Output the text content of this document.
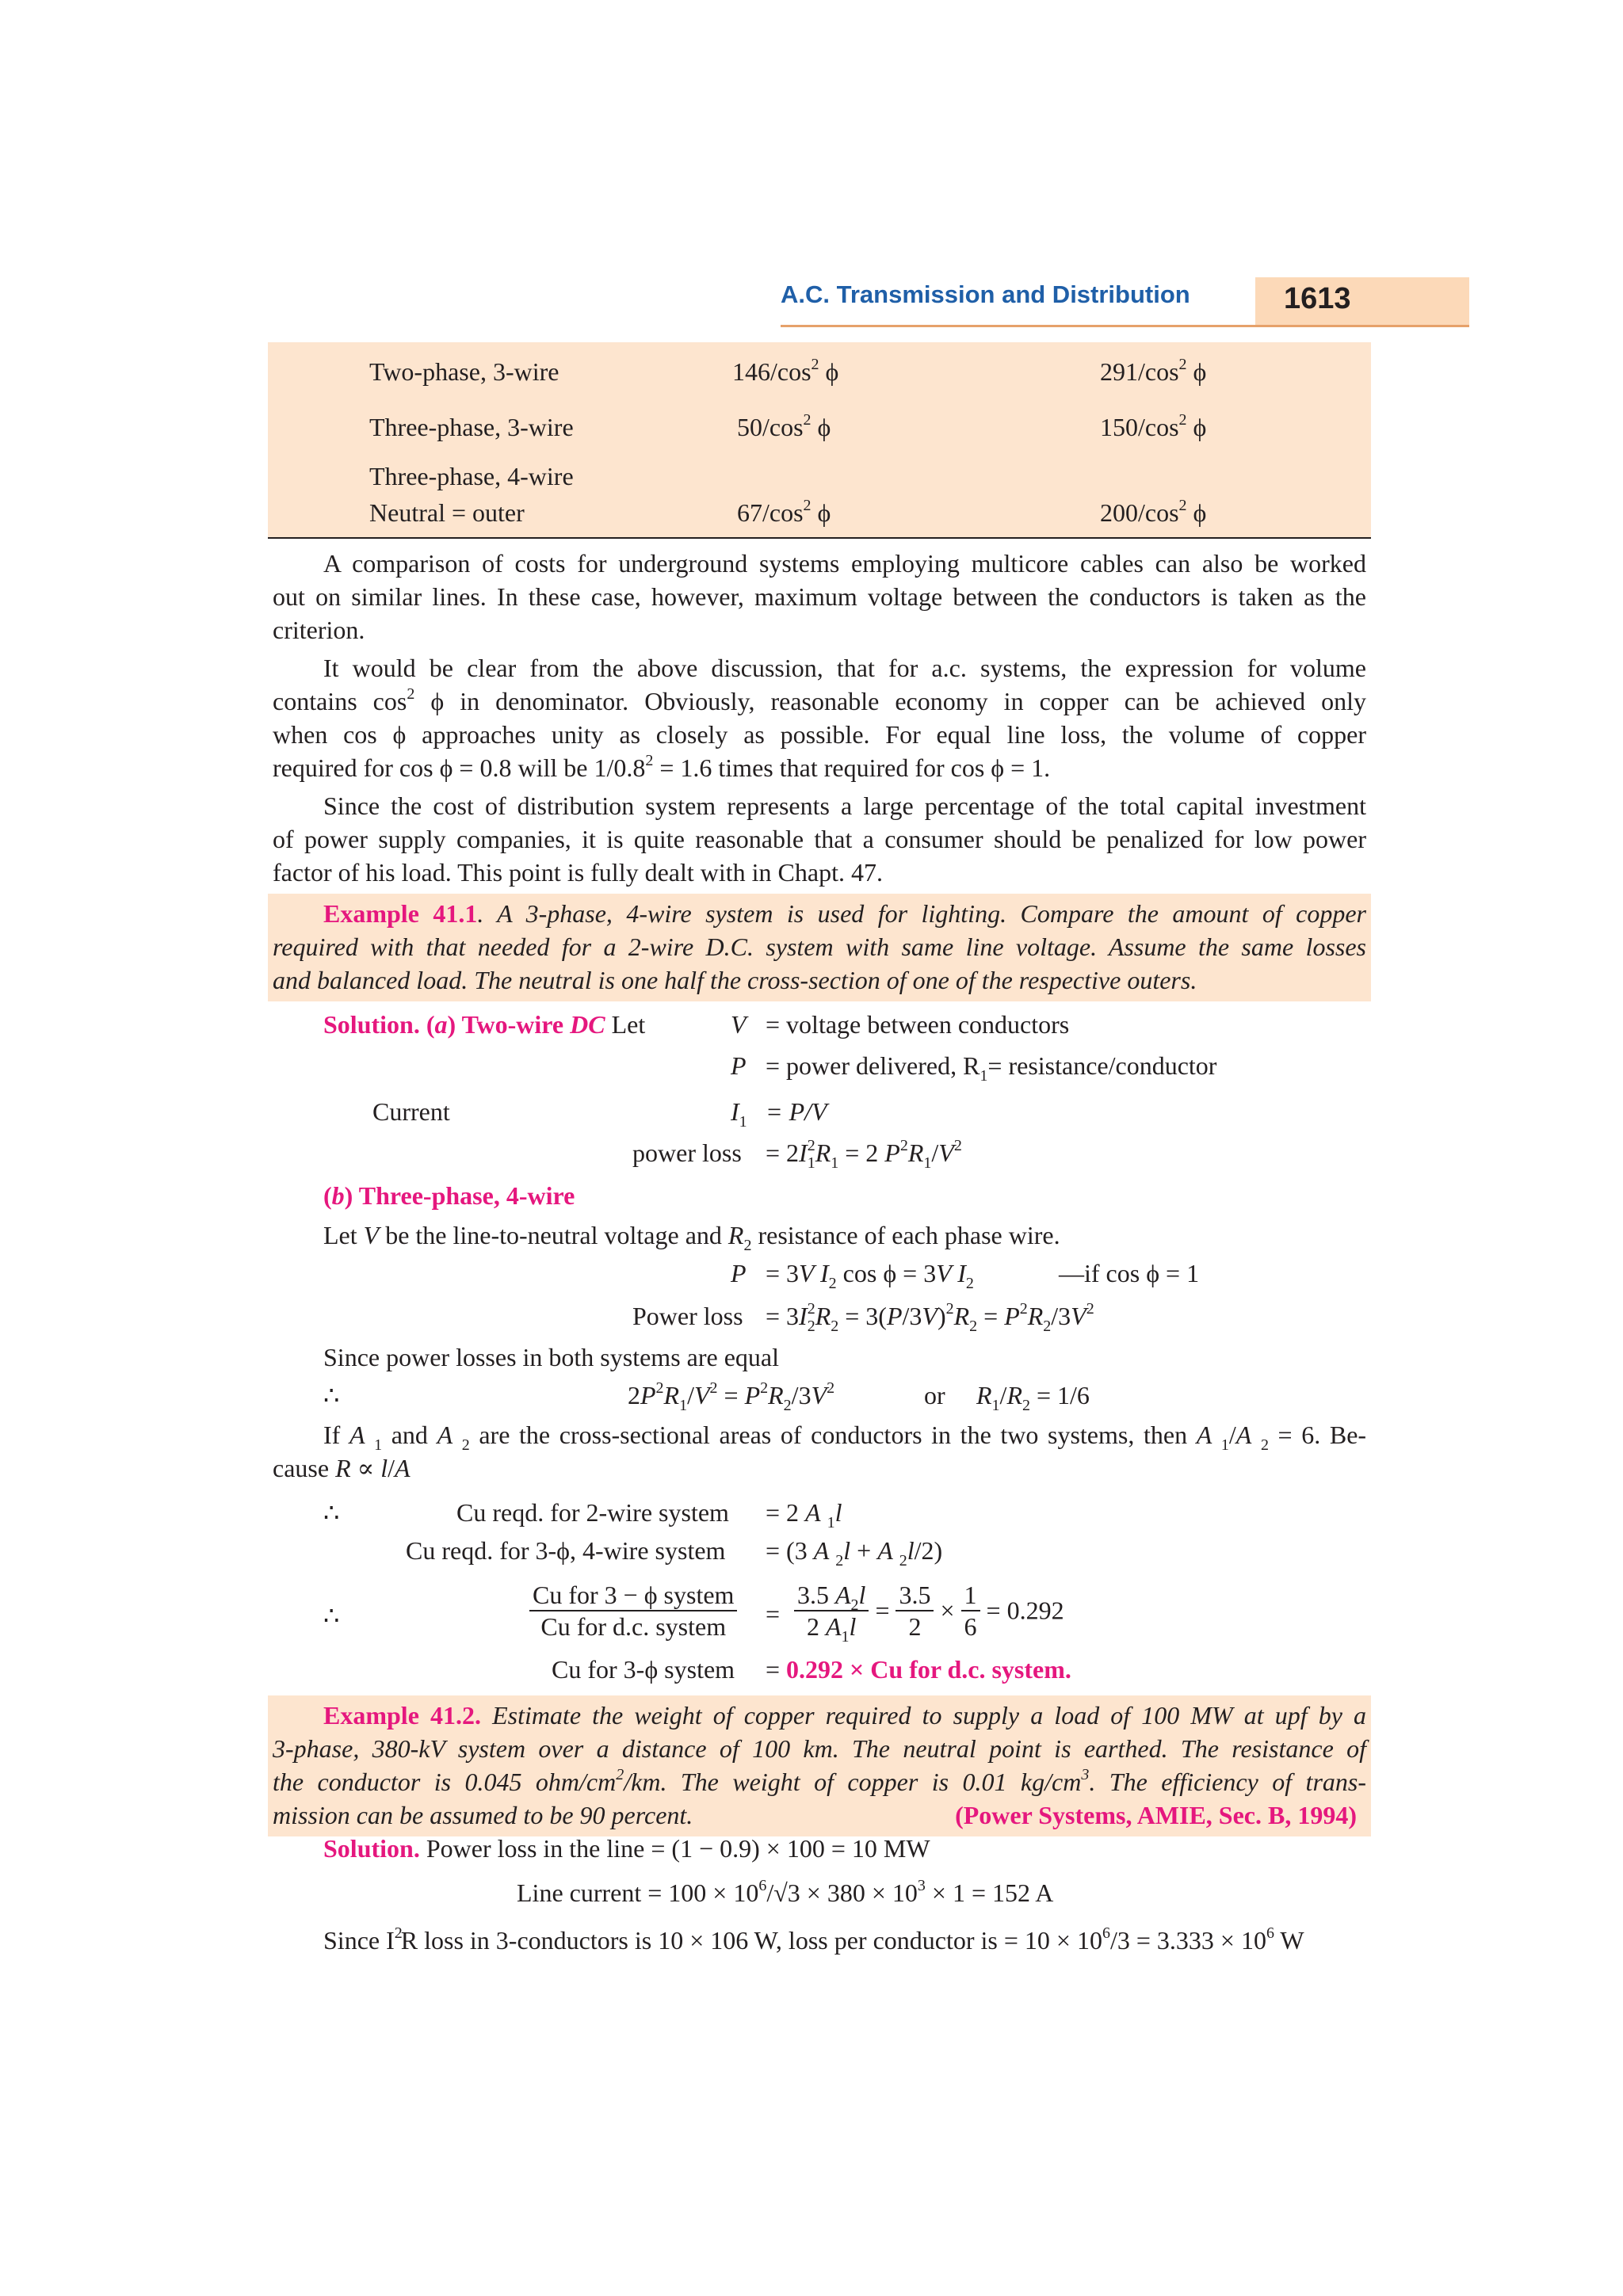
A.C. Transmission and Distribution	1613
Two-phase, 3-wire	$146/\cos^2$ ϕ	$291/\cos^2$ ϕ
Three-phase, 3-wire	$50/\cos^2$ ϕ	$150/\cos^2$ ϕ
Three-phase, 4-wire
Neutral = outer	$67/\cos^2$ ϕ	$200/\cos^2$ ϕ
A comparison of costs for underground systems employing multicore cables can also be worked
out on similar lines. In these case, however, maximum voltage between the conductors is taken as the
criterion.
It would be clear from the above discussion, that for a.c. systems, the expression for volume
contains $\cos^2 \phi$ in denominator. Obviously, reasonable economy in copper can be achieved only
when cos ϕ approaches unity as closely as possible. For equal line loss, the volume of copper
required for cos ϕ = 0.8 will be $1/0.8^2 = 1.6$ times that required for cos ϕ = 1.
Since the cost of distribution system represents a large percentage of the total capital investment
of power supply companies, it is quite reasonable that a consumer should be penalized for low power
factor of his load. This point is fully dealt with in Chapt. 47.
Example 41.1. A 3-phase, 4-wire system is used for lighting. Compare the amount of copper
required with that needed for a 2-wire D.C. system with same line voltage. Assume the same losses
and balanced load. The neutral is one half the cross-section of one of the respective outers.
Solution. (a) Two-wire DC Let	V = voltage between conductors
P = power delivered, $R_1=$ resistance/conductor
Current	$I_1 = P/V$
power loss = $2I^2_1R_1 = 2$ $P^2R_1/V^2$
(b) Three-phase, 4-wire
Let V be the line-to-neutral voltage and $R_2$ resistance of each phase wire.
P = 3V $I_2$ cos ϕ = 3V $I_2$	—if cos ϕ = 1
Power loss = $3I^2_2R_2 = 3(P/3V)^2R_2 = P^2R_2/3V^2$
Since power losses in both systems are equal
∴	$2P^2R_1/V^2 = P^2R_2/3V^2$	or $R_1/R_2 = 1/6$
If A $_1$ and A $_2$ are the cross-sectional areas of conductors in the two systems, then A $_1$/A $_2$ = 6. Be-
cause R ∝ l/A
∴	Cu reqd. for 2-wire system = 2 A $_1$l
Cu reqd. for 3-ϕ, 4-wire system = (3 A $_2$l + A $_2$l/2)
∴
Cu for 3 − ϕ system
Cu for d.c. system	= $\frac{3.5 A_2l}{2 A_1l} = \frac{3.5}{2} \times \frac{1}{6} = 0.292$
Cu for 3-ϕ system = 0.292 × Cu for d.c. system.
Example 41.2. Estimate the weight of copper required to supply a load of 100 MW at upf by a
3-phase, 380-kV system over a distance of 100 km. The neutral point is earthed. The resistance of
the conductor is 0.045 ohm/$cm^2/km$. The weight of copper is 0.01 $kg/cm^3$. The efficiency of trans-
mission can be assumed to be 90 percent.	(Power Systems, AMIE, Sec. B, 1994)
Solution. Power loss in the line = (1 − 0.9) × 100 = 10 MW
Line current = $100 \times 10^6/√3 \times 380 \times 10^3 \times 1 = 152$ A
Since $I^2R$ loss in 3-conductors is 10 × 106 W, loss per conductor is = $10 \times 10^6/3 = 3.333 \times 10^6$ W
